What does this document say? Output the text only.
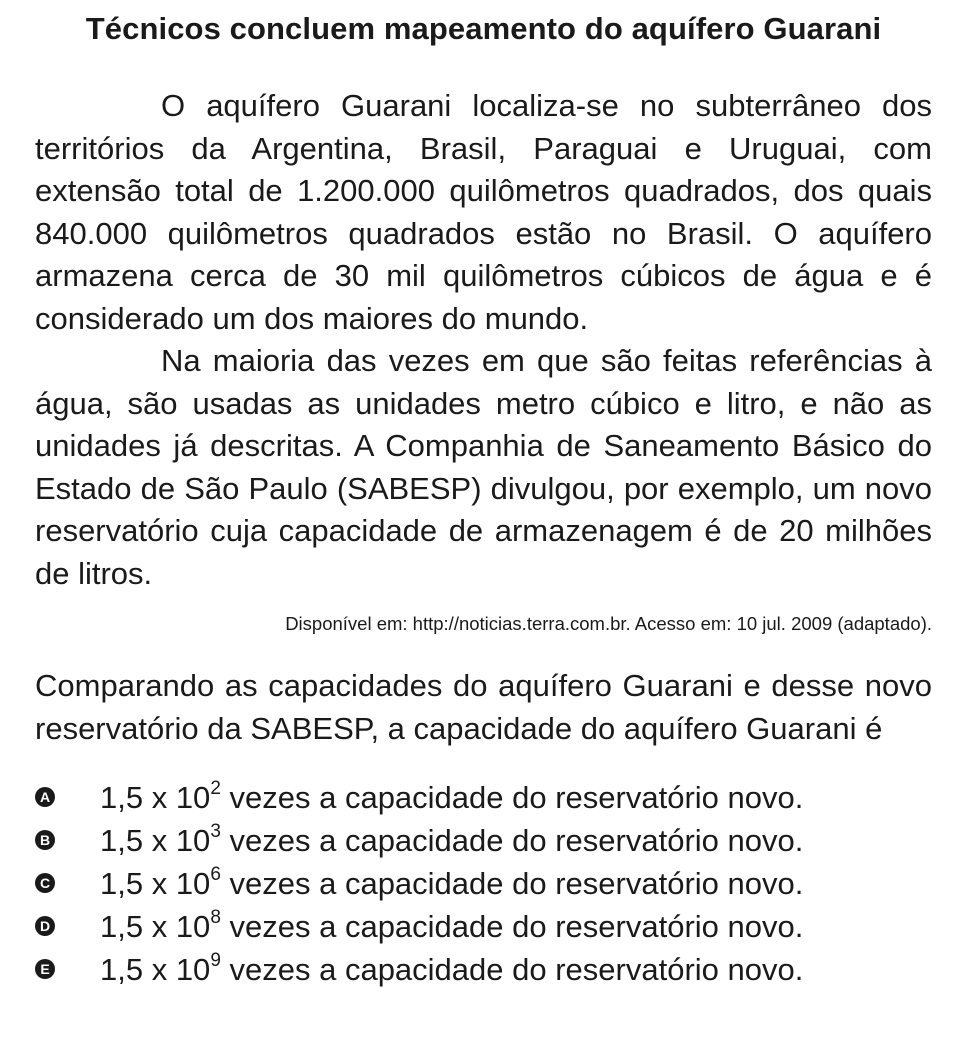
Técnicos concluem mapeamento do aquífero Guarani

O aquífero Guarani localiza-se no subterrâneo dos territórios da Argentina, Brasil, Paraguai e Uruguai, com extensão total de 1.200.000 quilômetros quadrados, dos quais 840.000 quilômetros quadrados estão no Brasil. O aquífero armazena cerca de 30 mil quilômetros cúbicos de água e é considerado um dos maiores do mundo.

Na maioria das vezes em que são feitas referências à água, são usadas as unidades metro cúbico e litro, e não as unidades já descritas. A Companhia de Saneamento Básico do Estado de São Paulo (SABESP) divulgou, por exemplo, um novo reservatório cuja capacidade de armazenagem é de 20 milhões de litros.

Disponível em: http://noticias.terra.com.br. Acesso em: 10 jul. 2009 (adaptado).

Comparando as capacidades do aquífero Guarani e desse novo reservatório da SABESP, a capacidade do aquífero Guarani é

A 1,5 x $10^2$ vezes a capacidade do reservatório novo.
B 1,5 x $10^3$ vezes a capacidade do reservatório novo.
C 1,5 x $10^6$ vezes a capacidade do reservatório novo.
D 1,5 x $10^8$ vezes a capacidade do reservatório novo.
E 1,5 x $10^9$ vezes a capacidade do reservatório novo.
